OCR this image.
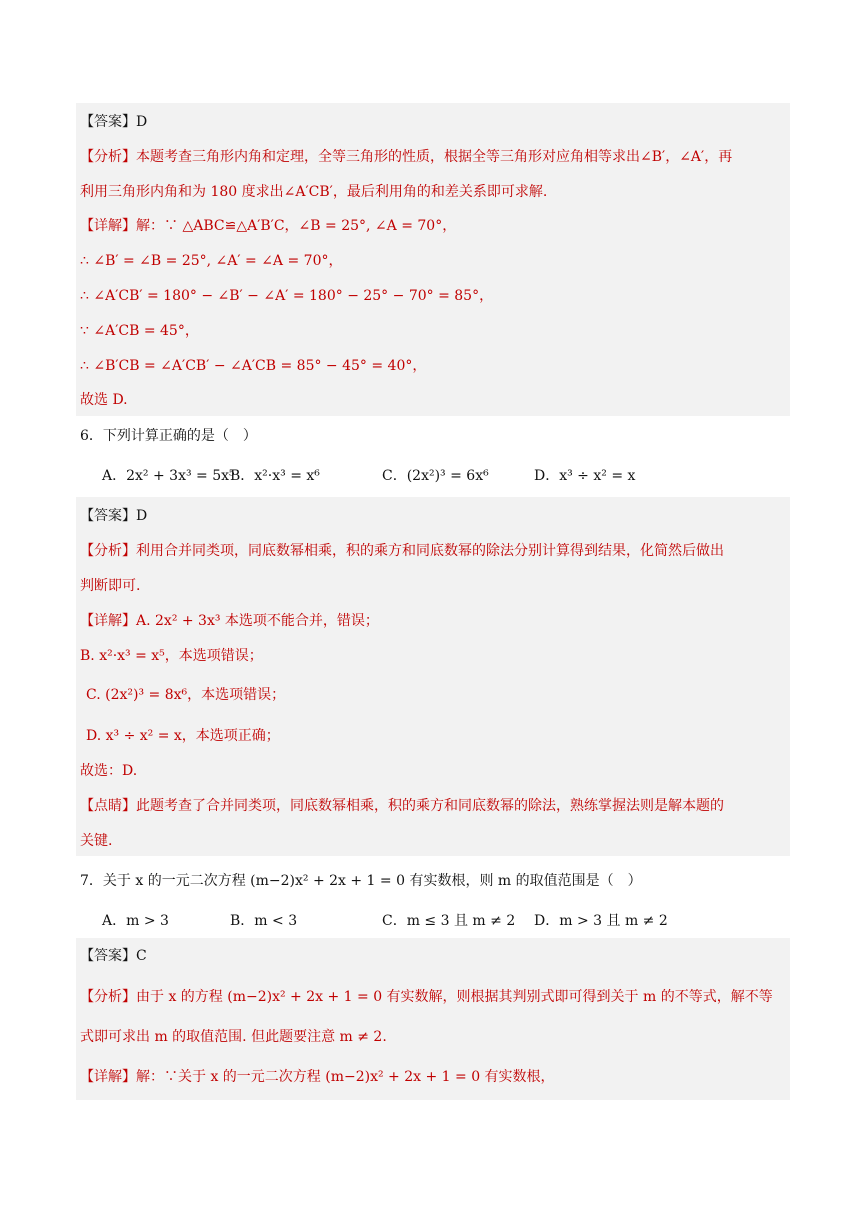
【答案】D
【分析】本题考查三角形内角和定理，全等三角形的性质，根据全等三角形对应角相等求出∠B′，∠A′，再
利用三角形内角和为 180 度求出∠A′CB′，最后利用角的和差关系即可求解.
【详解】解：∵ △ABC≌△A′B′C，∠B = 25°, ∠A = 70°，
∴ ∠B′ = ∠B = 25°, ∠A′ = ∠A = 70°，
∴ ∠A′CB′ = 180° − ∠B′ − ∠A′ = 180° − 25° − 70° = 85°，
∵ ∠A′CB = 45°，
∴ ∠B′CB = ∠A′CB′ − ∠A′CB = 85° − 45° = 40°，
故选 D.
6．下列计算正确的是（　）
A．2x² + 3x³ = 5x⁵
B．x²·x³ = x⁶	C．(2x²)³ = 6x⁶	D．x³ ÷ x² = x
【答案】D
【分析】利用合并同类项，同底数幂相乘，积的乘方和同底数幂的除法分别计算得到结果，化简然后做出
判断即可.
【详解】A. 2x² + 3x³ 本选项不能合并，错误；
B. x²·x³ = x⁵，本选项错误；
C. (2x²)³ = 8x⁶，本选项错误；
D. x³ ÷ x² = x，本选项正确；
故选：D.
【点睛】此题考查了合并同类项，同底数幂相乘，积的乘方和同底数幂的除法，熟练掌握法则是解本题的
关键.
7．关于 x 的一元二次方程 (m−2)x² + 2x + 1 = 0 有实数根，则 m 的取值范围是（　）
A．m > 3	B．m < 3	C．m ≤ 3 且 m ≠ 2 D．m > 3 且 m ≠ 2
【答案】C
【分析】由于 x 的方程 (m−2)x² + 2x + 1 = 0 有实数解，则根据其判别式即可得到关于 m 的不等式，解不等
式即可求出 m 的取值范围. 但此题要注意 m ≠ 2.
【详解】解：∵关于 x 的一元二次方程 (m−2)x² + 2x + 1 = 0 有实数根，
